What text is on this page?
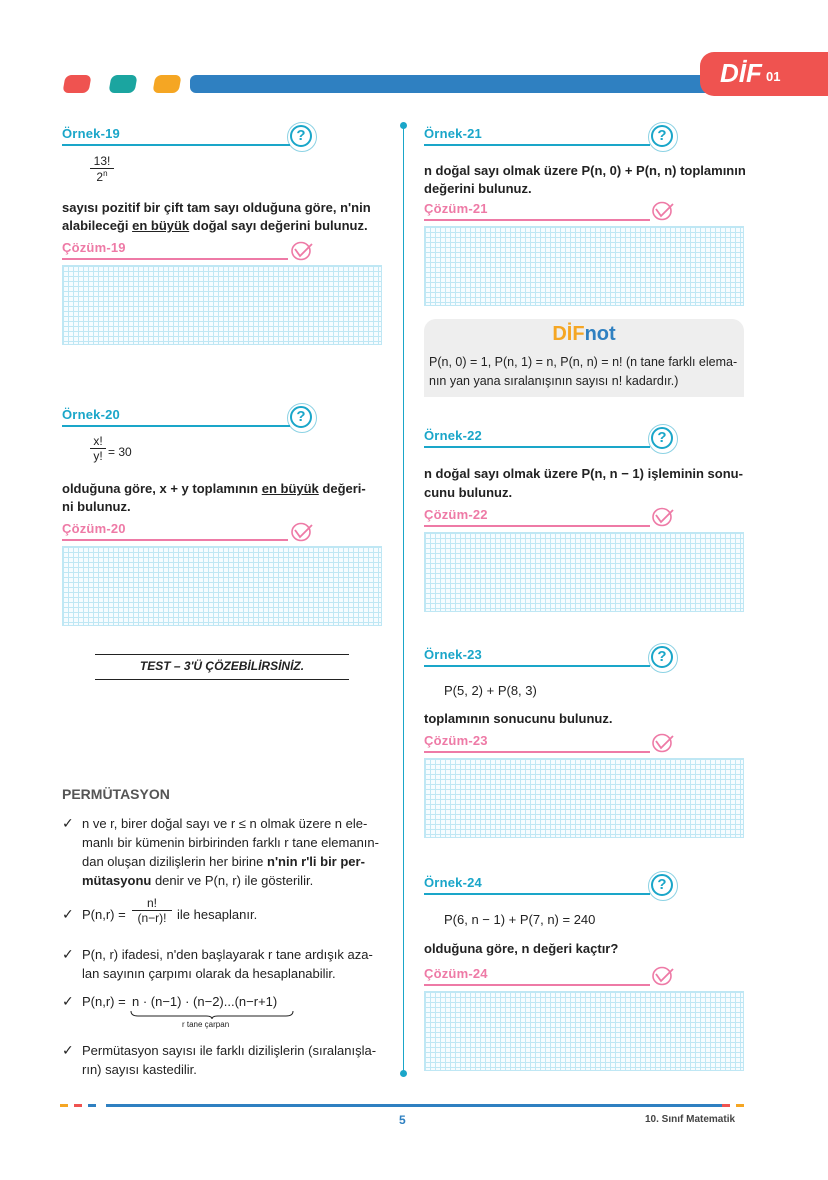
DİF 01
Örnek-19	?
$\frac{13!}{2^n}$
sayısı pozitif bir çift tam sayı olduğuna göre, n'nin
alabileceği en büyük doğal sayı değerini bulunuz.
Çözüm-19
Örnek-20	?
$\frac{x!}{y!} = 30$
olduğuna göre, x + y toplamının en büyük değeri-
ni bulunuz.
Çözüm-20
TEST – 3'Ü ÇÖZEBİLİRSİNİZ.
PERMÜTASYON
✓ n ve r, birer doğal sayı ve r ≤ n olmak üzere n ele-
manlı bir kümenin birbirinden farklı r tane elemanın-
dan oluşan dizilişlerin her birine n'nin r'li bir per-
mütasyonu denir ve P(n, r) ile gösterilir.
✓ $P(n,r) = \frac{n!}{(n-r)!}$ ile hesaplanır.
✓ P(n, r) ifadesi, n'den başlayarak r tane ardışık aza-
lan sayının çarpımı olarak da hesaplanabilir.
✓ P(n,r) = n · (n−1) · (n−2)...(n−r+1)
r tane çarpan
✓ Permütasyon sayısı ile farklı dizilişlerin (sıralanışla-
rın) sayısı kastedilir.
Örnek-21	?
n doğal sayı olmak üzere P(n, 0) + P(n, n) toplamının
değerini bulunuz.
Çözüm-21
DİFnot
P(n, 0) = 1, P(n, 1) = n, P(n, n) = n! (n tane farklı elema-
nın yan yana sıralanışının sayısı n! kadardır.)
Örnek-22	?
n doğal sayı olmak üzere P(n, n − 1) işleminin sonu-
cunu bulunuz.
Çözüm-22
Örnek-23	?
P(5, 2) + P(8, 3)
toplamının sonucunu bulunuz.
Çözüm-23
Örnek-24	?
P(6, n − 1) + P(7, n) = 240
olduğuna göre, n değeri kaçtır?
Çözüm-24
5	10. Sınıf Matematik
